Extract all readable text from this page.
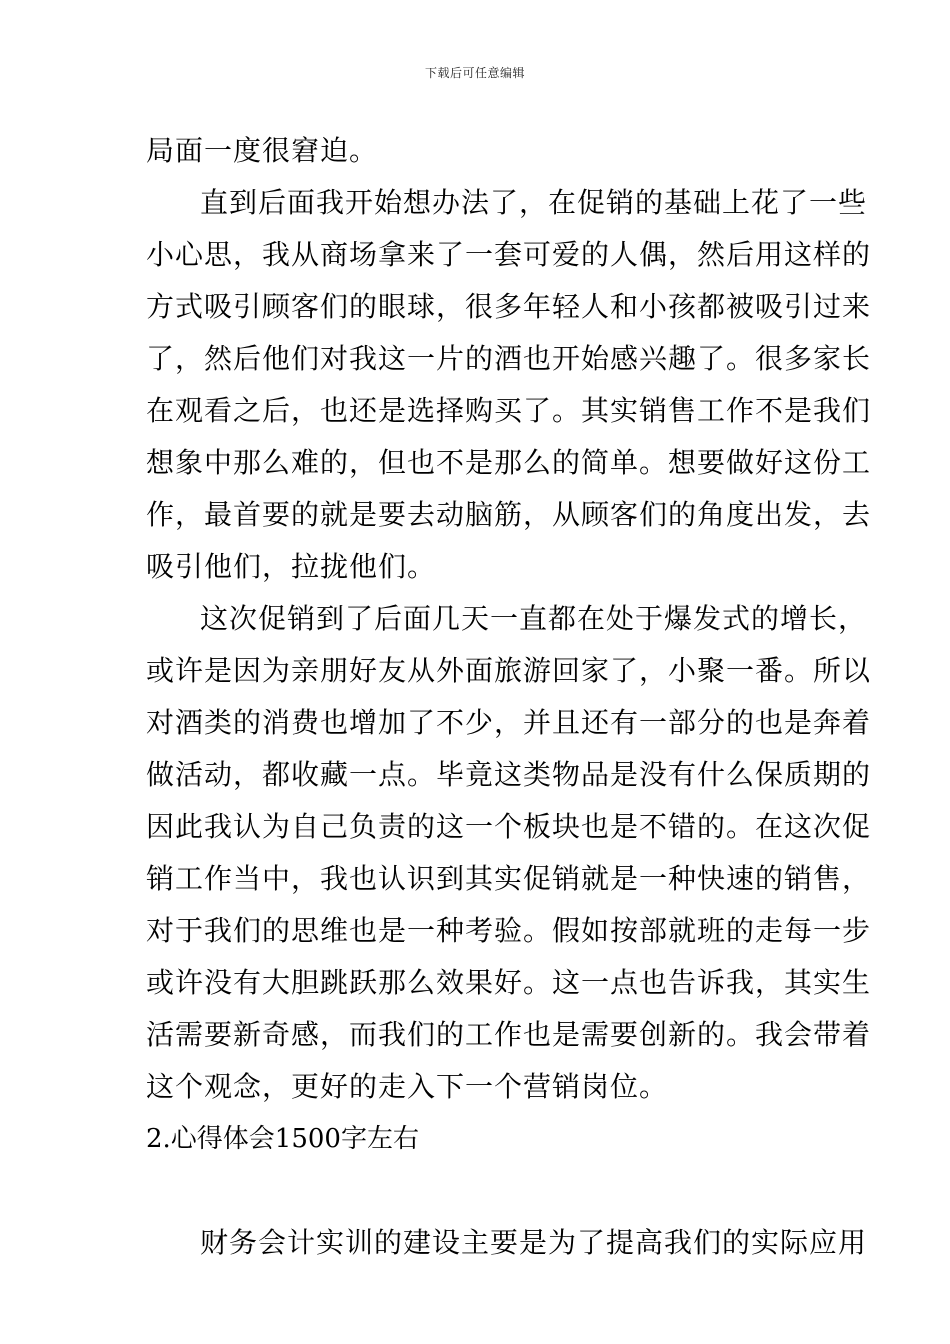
下载后可任意编辑
局面一度很窘迫。
直到后面我开始想办法了，在促销的基础上花了一些
小心思，我从商场拿来了一套可爱的人偶，然后用这样的
方式吸引顾客们的眼球，很多年轻人和小孩都被吸引过来
了，然后他们对我这一片的酒也开始感兴趣了。很多家长
在观看之后，也还是选择购买了。其实销售工作不是我们
想象中那么难的，但也不是那么的简单。想要做好这份工
作，最首要的就是要去动脑筋，从顾客们的角度出发，去
吸引他们，拉拢他们。
这次促销到了后面几天一直都在处于爆发式的增长，
或许是因为亲朋好友从外面旅游回家了，小聚一番。所以
对酒类的消费也增加了不少，并且还有一部分的也是奔着
做活动，都收藏一点。毕竟这类物品是没有什么保质期的
因此我认为自己负责的这一个板块也是不错的。在这次促
销工作当中，我也认识到其实促销就是一种快速的销售，
对于我们的思维也是一种考验。假如按部就班的走每一步
或许没有大胆跳跃那么效果好。这一点也告诉我，其实生
活需要新奇感，而我们的工作也是需要创新的。我会带着
这个观念，更好的走入下一个营销岗位。
2.心得体会1500字左右
财务会计实训的建设主要是为了提高我们的实际应用
